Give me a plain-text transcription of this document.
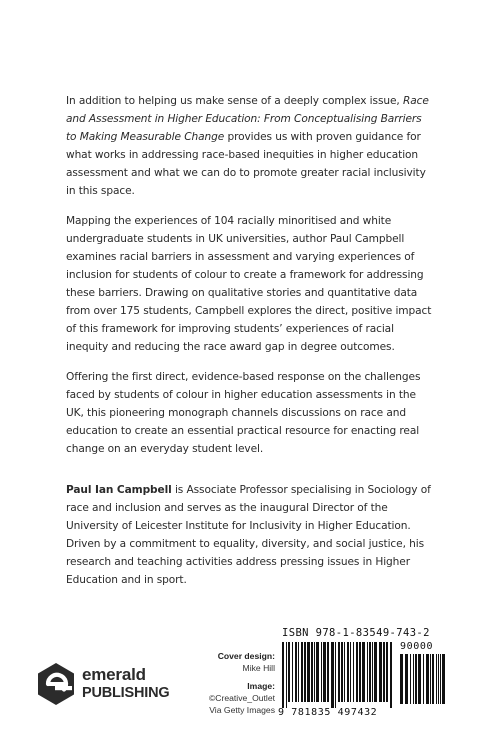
In addition to helping us make sense of a deeply complex issue, Race and Assessment in Higher Education: From Conceptualising Barriers to Making Measurable Change provides us with proven guidance for what works in addressing race-based inequities in higher education assessment and what we can do to promote greater racial inclusivity in this space.

Mapping the experiences of 104 racially minoritised and white undergraduate students in UK universities, author Paul Campbell examines racial barriers in assessment and varying experiences of inclusion for students of colour to create a framework for addressing these barriers. Drawing on qualitative stories and quantitative data from over 175 students, Campbell explores the direct, positive impact of this framework for improving students’ experiences of racial inequity and reducing the race award gap in degree outcomes.

Offering the first direct, evidence-based response on the challenges faced by students of colour in higher education assessments in the UK, this pioneering monograph channels discussions on race and education to create an essential practical resource for enacting real change on an everyday student level.

Paul Ian Campbell is Associate Professor specialising in Sociology of race and inclusion and serves as the inaugural Director of the University of Leicester Institute for Inclusivity in Higher Education. Driven by a commitment to equality, diversity, and social justice, his research and teaching activities address pressing issues in Higher Education and in sport.
emerald
PUBLISHING
Cover design:
Mike Hill
Image:
©Creative_Outlet
Via Getty Images
ISBN 978-1-83549-743-2
90000
9 781835 497432
